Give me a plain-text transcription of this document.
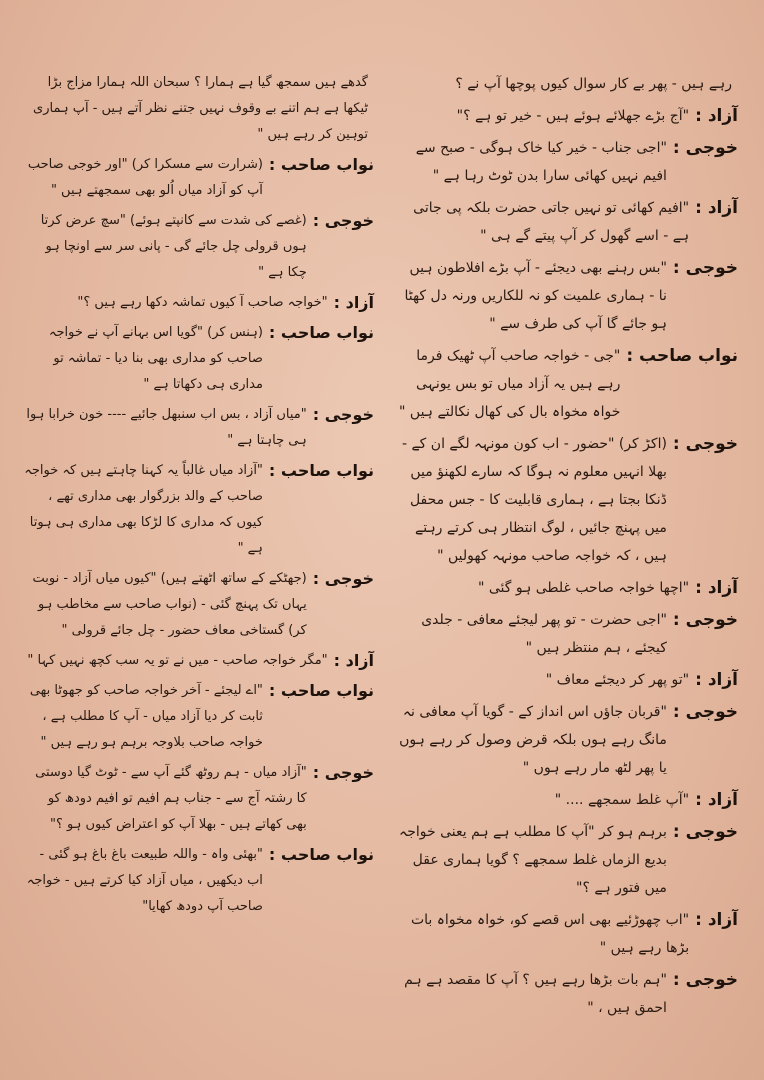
رہے ہیں - پھر بے کار سوال کیوں پوچھا آپ نے ؟
آزاد :
"آج بڑے جھلائے ہوئے ہیں - خیر تو ہے ؟"
خوجی :
"اجی جناب - خیر کیا خاک ہوگی - صبح سے افیم نہیں کھائی سارا بدن ٹوٹ رہا ہے "
آزاد :
"افیم کھائی تو نہیں جاتی حضرت بلکہ پی جاتی ہے - اسے گھول کر آپ پیتے گے ہی "
خوجی :
"بس رہنے بھی دیجئے - آپ بڑے افلاطون ہیں نا - ہماری علمیت کو نہ للکاریں ورنہ دل کھٹا ہو جائے گا آپ کی طرف سے "
نواب صاحب :
"جی - خواجہ صاحب آپ ٹھیک فرما رہے ہیں یہ آزاد میاں تو بس یونہی خواہ مخواہ بال کی کھال نکالتے ہیں "
خوجی :
(اکڑ کر) "حضور - اب کون مونہہ لگے ان کے - بھلا انہیں معلوم نہ ہوگا کہ سارے لکھنؤ میں ڈنکا بجتا ہے ، ہماری قابلیت کا - جس محفل میں پہنچ جائیں ، لوگ انتظار ہی کرتے رہتے ہیں ، کہ خواجہ صاحب مونہہ کھولیں "
آزاد :
"اچھا خواجہ صاحب غلطی ہو گئی "
خوجی :
"اجی حضرت - تو پھر لیجئے معافی - جلدی کیجئے ، ہم منتظر ہیں "
آزاد :
"تو پھر کر دیجئے معاف "
خوجی :
"قربان جاؤں اس انداز کے - گویا آپ معافی نہ مانگ رہے ہوں بلکہ قرض وصول کر رہے ہوں یا پھر لٹھ مار رہے ہوں "
آزاد :
"آپ غلط سمجھے .... "
خوجی :
برہم ہو کر "آپ کا مطلب ہے ہم یعنی خواجہ بدیع الزماں غلط سمجھے ؟ گویا ہماری عقل میں فتور ہے ؟"
آزاد :
"اب چھوڑئیے بھی اس قصے کو، خواہ مخواہ بات بڑھا رہے ہیں "
خوجی :
"ہم بات بڑھا رہے ہیں ؟ آپ کا مقصد ہے ہم احمق ہیں ، "
گدھے ہیں سمجھ گیا ہے ہمارا ؟ سبحان اللہ ہمارا مزاج بڑا ٹیکھا ہے ہم اتنے بے وقوف نہیں جتنے نظر آتے ہیں - آپ ہماری توہین کر رہے ہیں "
نواب صاحب :
(شرارت سے مسکرا کر) "اور خوجی صاحب آپ کو آزاد میاں اُلو بھی سمجھتے ہیں "
خوجی :
(غصے کی شدت سے کانپتے ہوئے) "سچ عرض کرتا ہوں قرولی چل جائے گی - پانی سر سے اونچا ہو چکا ہے "
آزاد :
"خواجہ صاحب آ کیوں تماشہ دکھا رہے ہیں ؟"
نواب صاحب :
(ہنس کر) "گویا اس بہانے آپ نے خواجہ صاحب کو مداری بھی بنا دیا - تماشہ تو مداری ہی دکھاتا ہے "
خوجی :
"میاں آزاد ، بس اب سنبھل جائیے ---- خون خرابا ہوا ہی چاہتا ہے "
نواب صاحب :
"آزاد میاں غالباً یہ کہنا چاہتے ہیں کہ خواجہ صاحب کے والد بزرگوار بھی مداری تھے ، کیوں کہ مداری کا لڑکا بھی مداری ہی ہوتا ہے "
خوجی :
(جھٹکے کے ساتھ اٹھتے ہیں) "کیوں میاں آزاد - نوبت یہاں تک پہنچ گئی - (نواب صاحب سے مخاطب ہو کر) گستاخی معاف حضور - چل جائے قرولی "
آزاد :
"مگر خواجہ صاحب - میں نے تو یہ سب کچھ نہیں کہا "
نواب صاحب :
"اے لیجئے - آخر خواجہ صاحب کو جھوٹا بھی ثابت کر دیا آزاد میاں - آپ کا مطلب ہے ، خواجہ صاحب بلاوجہ برہم ہو رہے ہیں "
خوجی :
"آزاد میاں - ہم روٹھ گئے آپ سے - ٹوٹ گیا دوستی کا رشتہ آج سے - جناب ہم افیم تو افیم دودھ کو بھی کھاتے ہیں - بھلا آپ کو اعتراض کیوں ہو ؟"
نواب صاحب :
"بھئی واہ - واللہ طبیعت باغ باغ ہو گئی - اب دیکھیں ، میاں آزاد کیا کرتے ہیں - خواجہ صاحب آپ دودھ کھایا"
